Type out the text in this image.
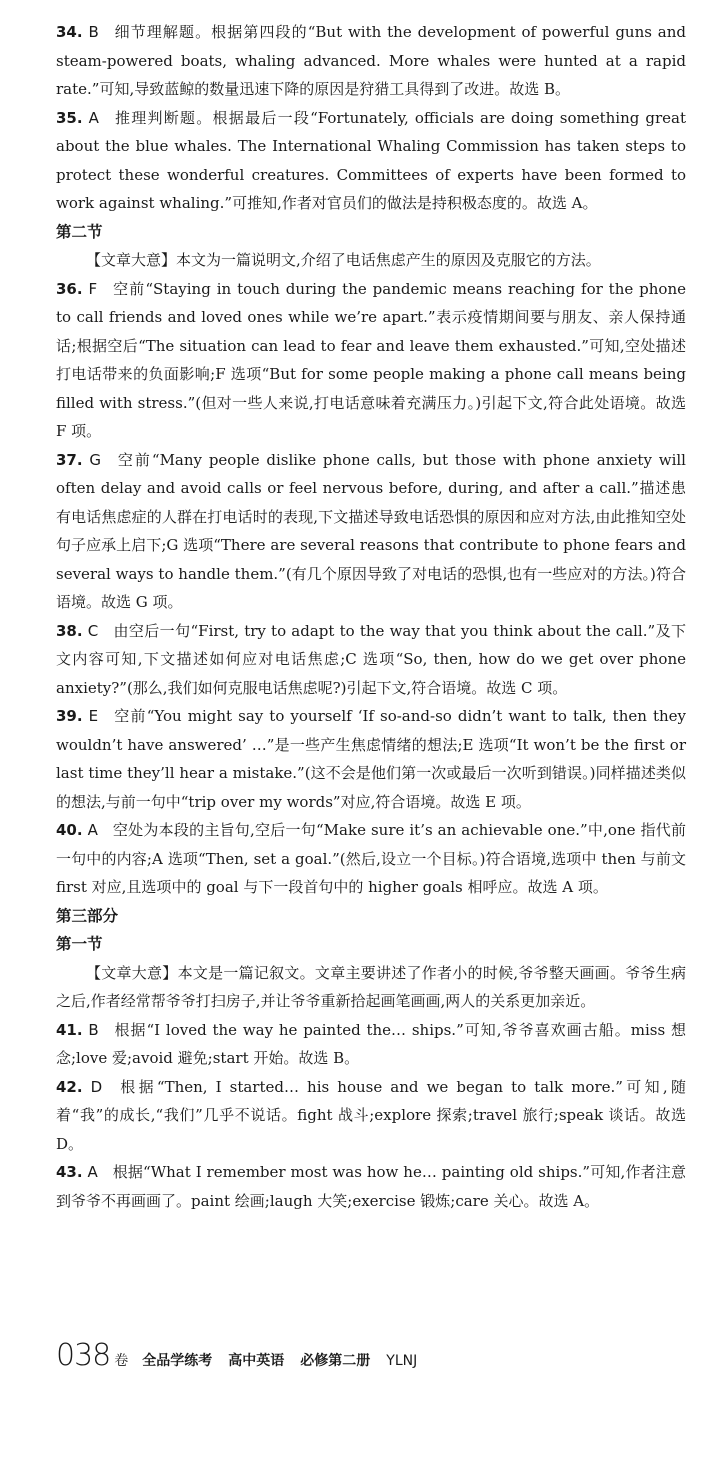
34. B 细节理解题。根据第四段的“But with the development of powerful guns and steam-powered boats, whaling advanced. More whales were hunted at a rapid rate.”可知,导致蓝鲸的数量迅速下降的原因是狩猎工具得到了改进。故选 B。

35. A 推理判断题。根据最后一段“Fortunately, officials are doing something great about the blue whales. The International Whaling Commission has taken steps to protect these wonderful creatures. Committees of experts have been formed to work against whaling.”可推知,作者对官员们的做法是持积极态度的。故选 A。

第二节

【文章大意】本文为一篇说明文,介绍了电话焦虑产生的原因及克服它的方法。

36. F 空前“Staying in touch during the pandemic means reaching for the phone to call friends and loved ones while we’re apart.”表示疫情期间要与朋友、亲人保持通话;根据空后“The situation can lead to fear and leave them exhausted.”可知,空处描述打电话带来的负面影响;F 选项“But for some people making a phone call means being filled with stress.”(但对一些人来说,打电话意味着充满压力。)引起下文,符合此处语境。故选 F 项。

37. G 空前“Many people dislike phone calls, but those with phone anxiety will often delay and avoid calls or feel nervous before, during, and after a call.”描述患有电话焦虑症的人群在打电话时的表现,下文描述导致电话恐惧的原因和应对方法,由此推知空处句子应承上启下;G 选项“There are several reasons that contribute to phone fears and several ways to handle them.”(有几个原因导致了对电话的恐惧,也有一些应对的方法。)符合语境。故选 G 项。

38. C 由空后一句“First, try to adapt to the way that you think about the call.”及下文内容可知,下文描述如何应对电话焦虑;C 选项“So, then, how do we get over phone anxiety?”(那么,我们如何克服电话焦虑呢?)引起下文,符合语境。故选 C 项。

39. E 空前“You might say to yourself ‘If so-and-so didn’t want to talk, then they wouldn’t have answered’ …”是一些产生焦虑情绪的想法;E 选项“It won’t be the first or last time they’ll hear a mistake.”(这不会是他们第一次或最后一次听到错误。)同样描述类似的想法,与前一句中“trip over my words”对应,符合语境。故选 E 项。

40. A 空处为本段的主旨句,空后一句“Make sure it’s an achievable one.”中,one 指代前一句中的内容;A 选项“Then, set a goal.”(然后,设立一个目标。)符合语境,选项中 then 与前文 first 对应,且选项中的 goal 与下一段首句中的 higher goals 相呼应。故选 A 项。

第三部分

第一节

【文章大意】本文是一篇记叙文。文章主要讲述了作者小的时候,爷爷整天画画。爷爷生病之后,作者经常帮爷爷打扫房子,并让爷爷重新拾起画笔画画,两人的关系更加亲近。

41. B 根据“I loved the way he painted the… ships.”可知,爷爷喜欢画古船。miss 想念;love 爱;avoid 避免;start 开始。故选 B。

42. D 根据“Then, I started… his house and we began to talk more.”可知,随着“我”的成长,“我们”几乎不说话。fight 战斗;explore 探索;travel 旅行;speak 谈话。故选 D。

43. A 根据“What I remember most was how he… painting old ships.”可知,作者注意到爷爷不再画画了。paint 绘画;laugh 大笑;exercise 锻炼;care 关心。故选 A。

038 卷 全品学练考 高中英语 必修第二册 YLNJ
